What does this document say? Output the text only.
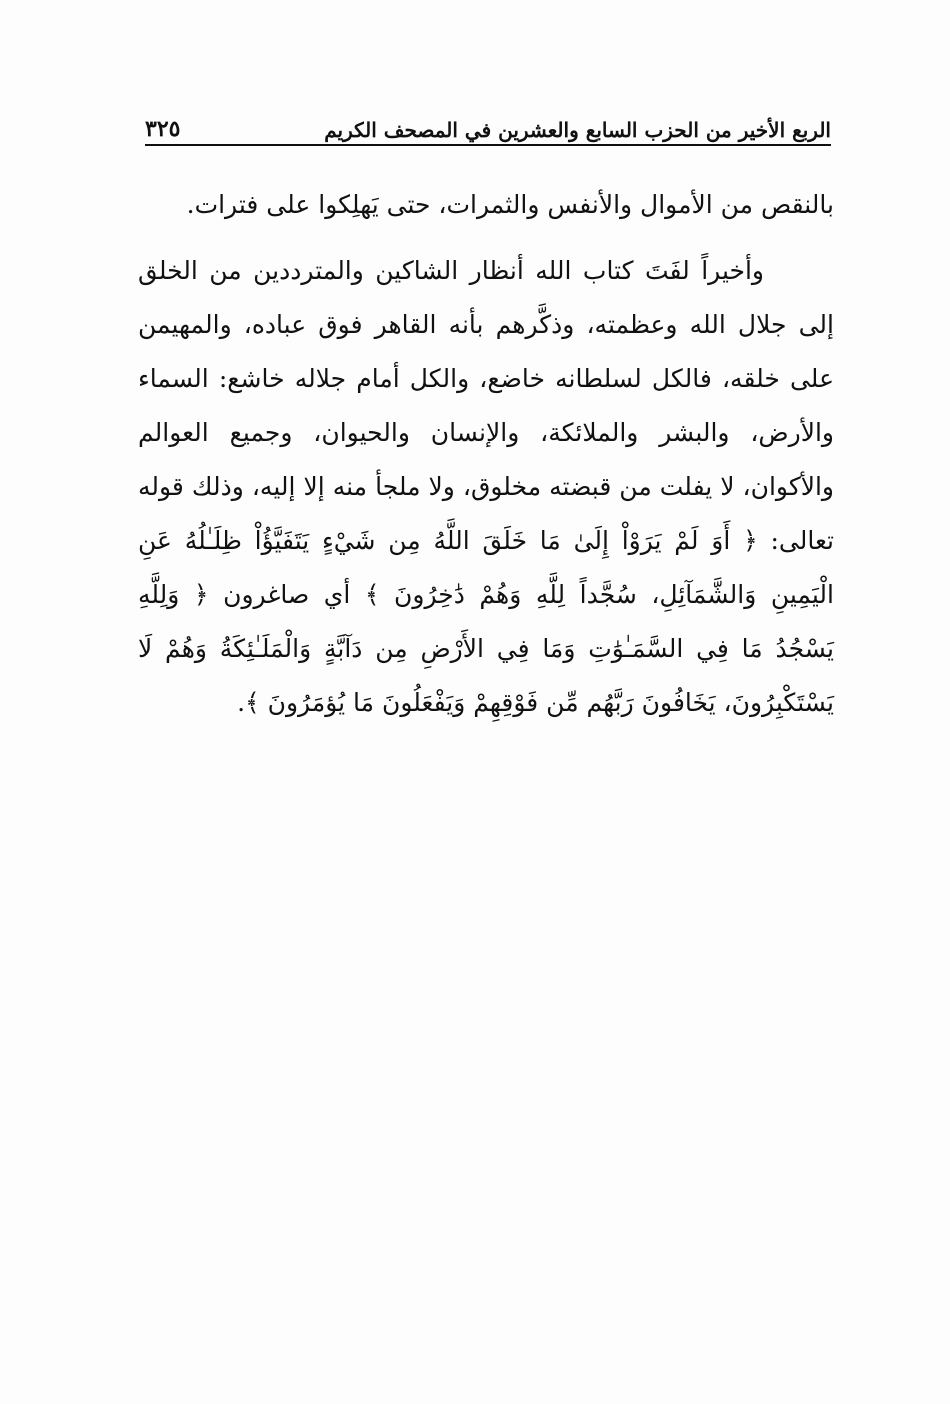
الربع الأخير من الحزب السابع والعشرين في المصحف الكريم
٣٢٥

بالنقص من الأموال والأنفس والثمرات، حتى يَهلِكوا على فترات.

وأخيراً لفَتَ كتاب الله أنظار الشاكين والمترددين من الخلق إلى جلال الله وعظمته، وذكَّرهم بأنه القاهر فوق عباده، والمهيمن على خلقه، فالكل لسلطانه خاضع، والكل أمام جلاله خاشع: السماء والأرض، والبشر والملائكة، والإنسان والحيوان، وجميع العوالم والأكوان، لا يفلت من قبضته مخلوق، ولا ملجأ منه إلا إليه، وذلك قوله تعالى: ﴿ أَوَ لَمْ يَرَوْاْ إِلَىٰ مَا خَلَقَ اللَّهُ مِن شَيْءٍ يَتَفَيَّؤُاْ ظِلَـٰلُهُ عَنِ الْيَمِينِ وَالشَّمَآئِلِ، سُجَّداً لِلَّهِ وَهُمْ دَٰخِرُونَ ﴾ أي صاغرون ﴿ وَلِلَّهِ يَسْجُدُ مَا فِي السَّمَـٰوَٰتِ وَمَا فِي الأَرْضِ مِن دَآبَّةٍ وَالْمَلَـٰئِكَةُ وَهُمْ لَا يَسْتَكْبِرُونَ، يَخَافُونَ رَبَّهُم مِّن فَوْقِهِمْ وَيَفْعَلُونَ مَا يُؤمَرُونَ ﴾.
